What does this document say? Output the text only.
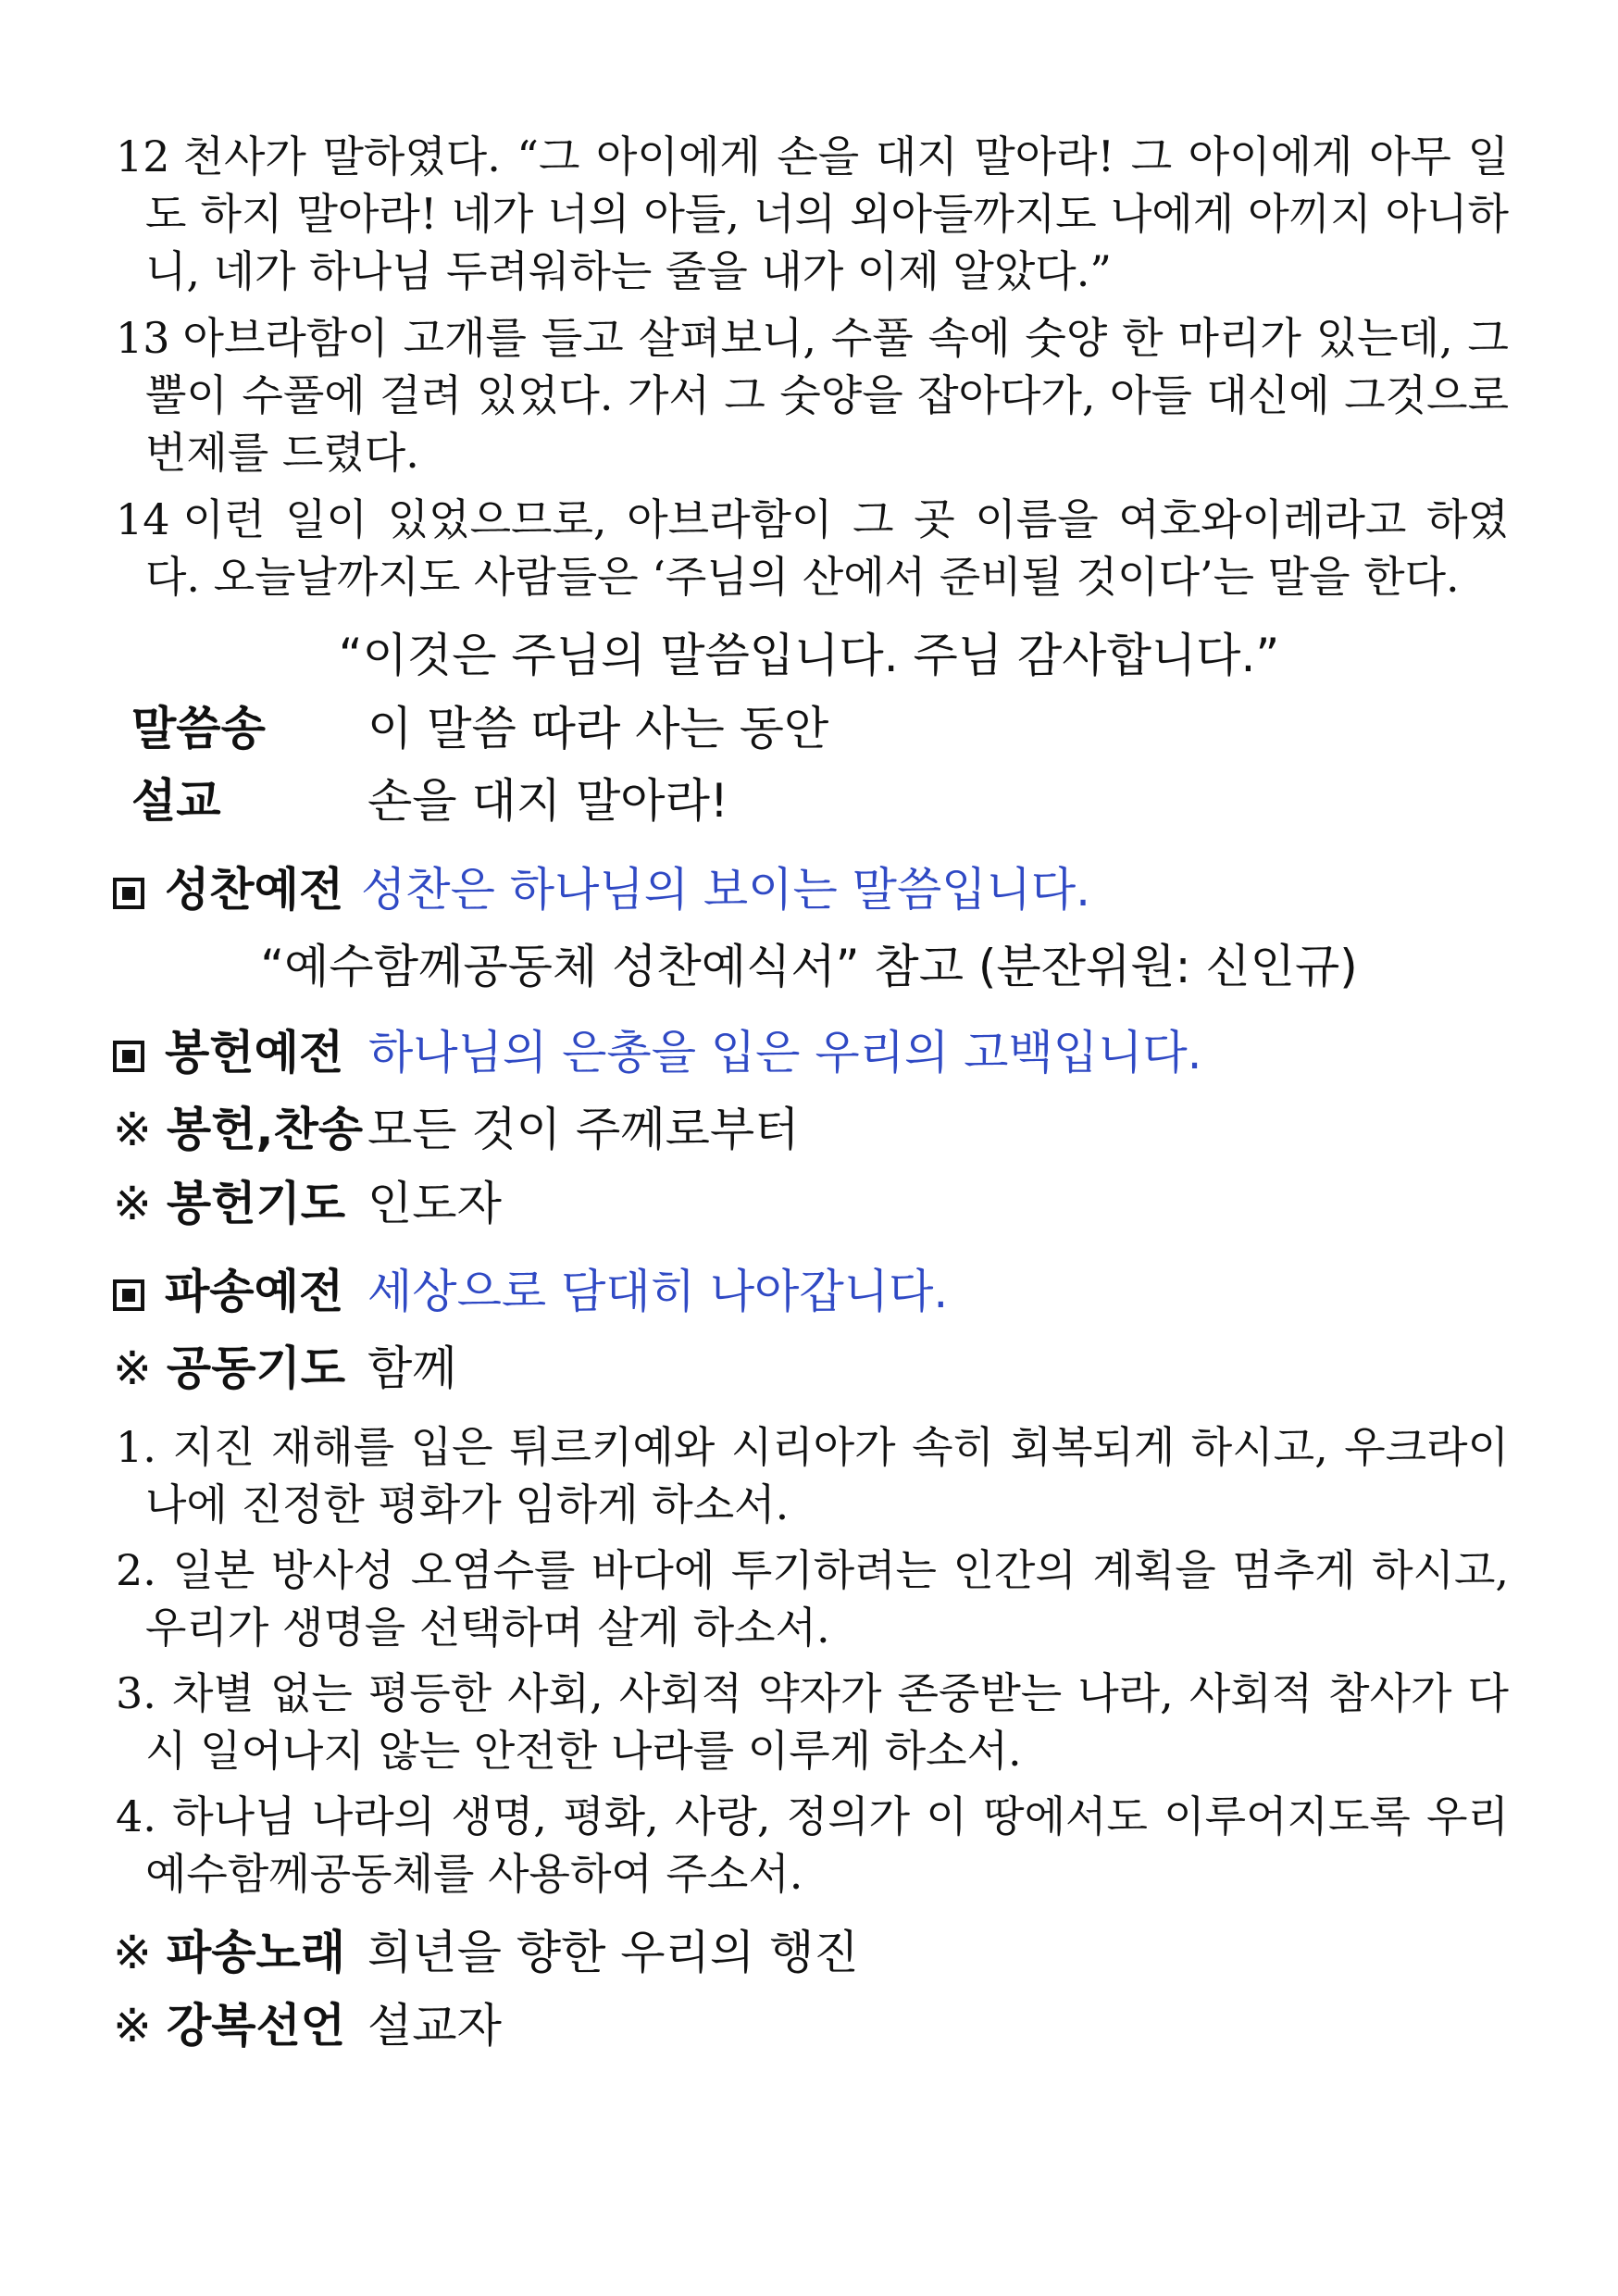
12 천사가 말하였다. “그 아이에게 손을 대지 말아라! 그 아이에게 아무 일도 하지 말아라! 네가 너의 아들, 너의 외아들까지도 나에게 아끼지 아니하니, 네가 하나님 두려워하는 줄을 내가 이제 알았다.”
13 아브라함이 고개를 들고 살펴보니, 수풀 속에 숫양 한 마리가 있는데, 그 뿔이 수풀에 걸려 있었다. 가서 그 숫양을 잡아다가, 아들 대신에 그것으로 번제를 드렸다.
14 이런 일이 있었으므로, 아브라함이 그 곳 이름을 여호와이레라고 하였다. 오늘날까지도 사람들은 ‘주님의 산에서 준비될 것이다’는 말을 한다.
“이것은 주님의 말씀입니다. 주님 감사합니다.”
말씀송 이 말씀 따라 사는 동안
설교	손을 대지 말아라!
성찬예전 성찬은 하나님의 보이는 말씀입니다.
“예수함께공동체 성찬예식서” 참고 (분잔위원: 신인규)
봉헌예전 하나님의 은총을 입은 우리의 고백입니다.
※ 봉헌,찬송 모든 것이 주께로부터
※ 봉헌기도 인도자
파송예전 세상으로 담대히 나아갑니다.
※ 공동기도 함께
1. 지진 재해를 입은 튀르키예와 시리아가 속히 회복되게 하시고, 우크라이나에 진정한 평화가 임하게 하소서.
2. 일본 방사성 오염수를 바다에 투기하려는 인간의 계획을 멈추게 하시고, 우리가 생명을 선택하며 살게 하소서.
3. 차별 없는 평등한 사회, 사회적 약자가 존중받는 나라, 사회적 참사가 다시 일어나지 않는 안전한 나라를 이루게 하소서.
4. 하나님 나라의 생명, 평화, 사랑, 정의가 이 땅에서도 이루어지도록 우리 예수함께공동체를 사용하여 주소서.
※ 파송노래 희년을 향한 우리의 행진
※ 강복선언 설교자
